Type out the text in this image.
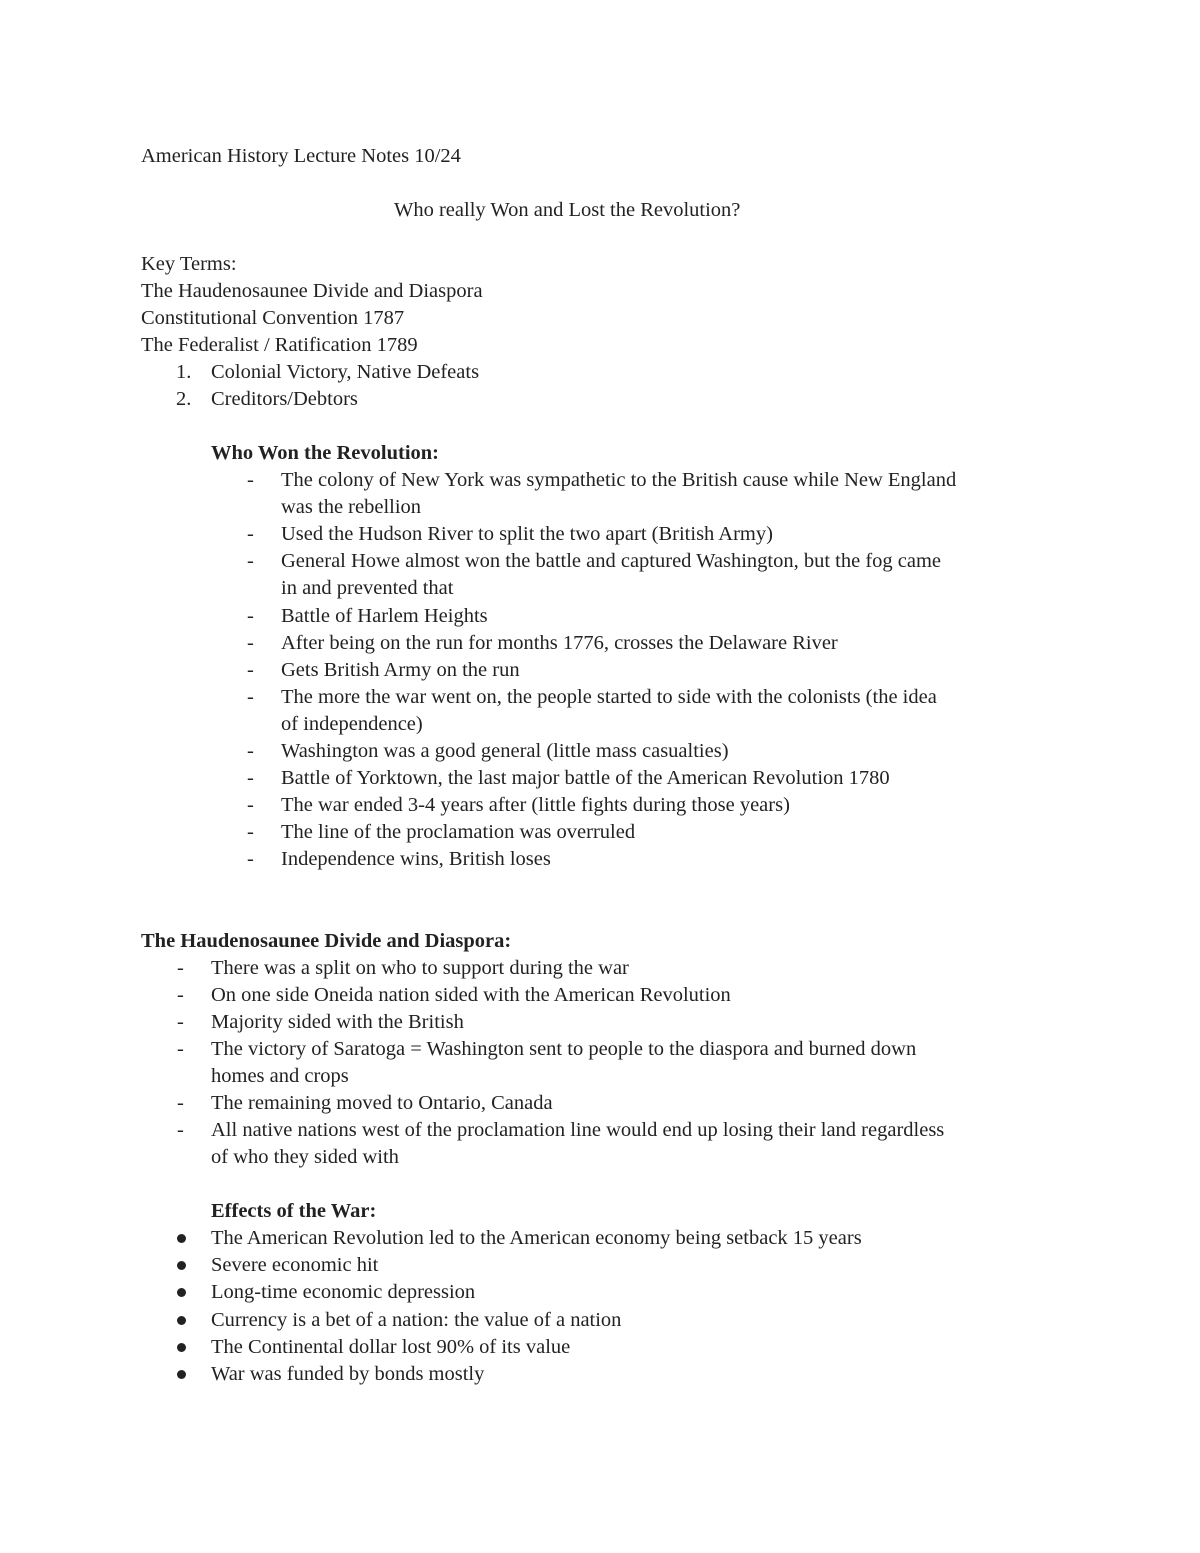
American History Lecture Notes 10/24
Who really Won and Lost the Revolution?
Key Terms:
The Haudenosaunee Divide and Diaspora
Constitutional Convention 1787
The Federalist / Ratification 1789
1. Colonial Victory, Native Defeats
2. Creditors/Debtors
Who Won the Revolution:
- The colony of New York was sympathetic to the British cause while New England
was the rebellion
- Used the Hudson River to split the two apart (British Army)
- General Howe almost won the battle and captured Washington, but the fog came
in and prevented that
- Battle of Harlem Heights
- After being on the run for months 1776, crosses the Delaware River
- Gets British Army on the run
- The more the war went on, the people started to side with the colonists (the idea
of independence)
- Washington was a good general (little mass casualties)
- Battle of Yorktown, the last major battle of the American Revolution 1780
- The war ended 3-4 years after (little fights during those years)
- The line of the proclamation was overruled
- Independence wins, British loses
The Haudenosaunee Divide and Diaspora:
- There was a split on who to support during the war
- On one side Oneida nation sided with the American Revolution
- Majority sided with the British
- The victory of Saratoga = Washington sent to people to the diaspora and burned down
homes and crops
- The remaining moved to Ontario, Canada
- All native nations west of the proclamation line would end up losing their land regardless
of who they sided with
Effects of the War:
The American Revolution led to the American economy being setback 15 years
Severe economic hit
Long-time economic depression
Currency is a bet of a nation: the value of a nation
The Continental dollar lost 90% of its value
War was funded by bonds mostly
